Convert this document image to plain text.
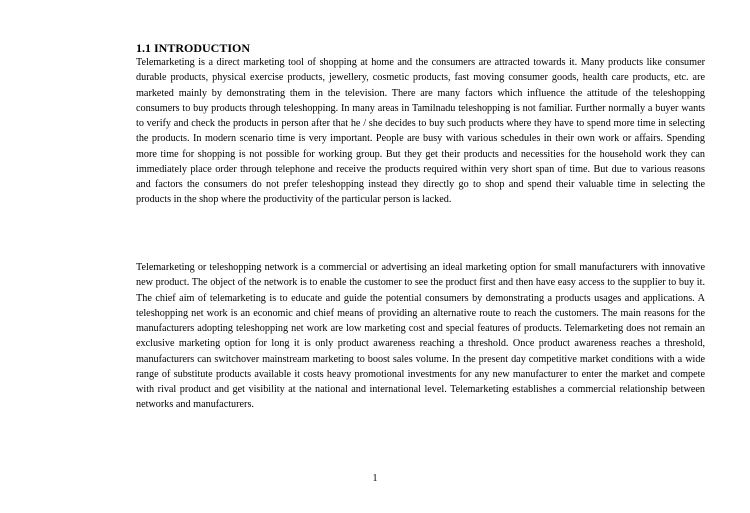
1.1 INTRODUCTION

Telemarketing is a direct marketing tool of shopping at home and the consumers are attracted towards it. Many products like consumer durable products, physical exercise products, jewellery, cosmetic products, fast moving consumer goods, health care products, etc. are marketed mainly by demonstrating them in the television. There are many factors which influence the attitude of the teleshopping consumers to buy products through teleshopping. In many areas in Tamilnadu teleshopping is not familiar. Further normally a buyer wants to verify and check the products in person after that he / she decides to buy such products where they have to spend more time in selecting the products. In modern scenario time is very important. People are busy with various schedules in their own work or affairs. Spending more time for shopping is not possible for working group. But they get their products and necessities for the household work they can immediately place order through telephone and receive the products required within very short span of time. But due to various reasons and factors the consumers do not prefer teleshopping instead they directly go to shop and spend their valuable time in selecting the products in the shop where the productivity of the particular person is lacked.

Telemarketing or teleshopping network is a commercial or advertising an ideal marketing option for small manufacturers with innovative new product. The object of the network is to enable the customer to see the product first and then have easy access to the supplier to buy it. The chief aim of telemarketing is to educate and guide the potential consumers by demonstrating a products usages and applications. A teleshopping net work is an economic and chief means of providing an alternative route to reach the customers. The main reasons for the manufacturers adopting teleshopping net work are low marketing cost and special features of products. Telemarketing does not remain an exclusive marketing option for long it is only product awareness reaching a threshold. Once product awareness reaches a threshold, manufacturers can switchover mainstream marketing to boost sales volume. In the present day competitive market conditions with a wide range of substitute products available it costs heavy promotional investments for any new manufacturer to enter the market and compete with rival product and get visibility at the national and international level. Telemarketing establishes a commercial relationship between networks and manufacturers.

1
